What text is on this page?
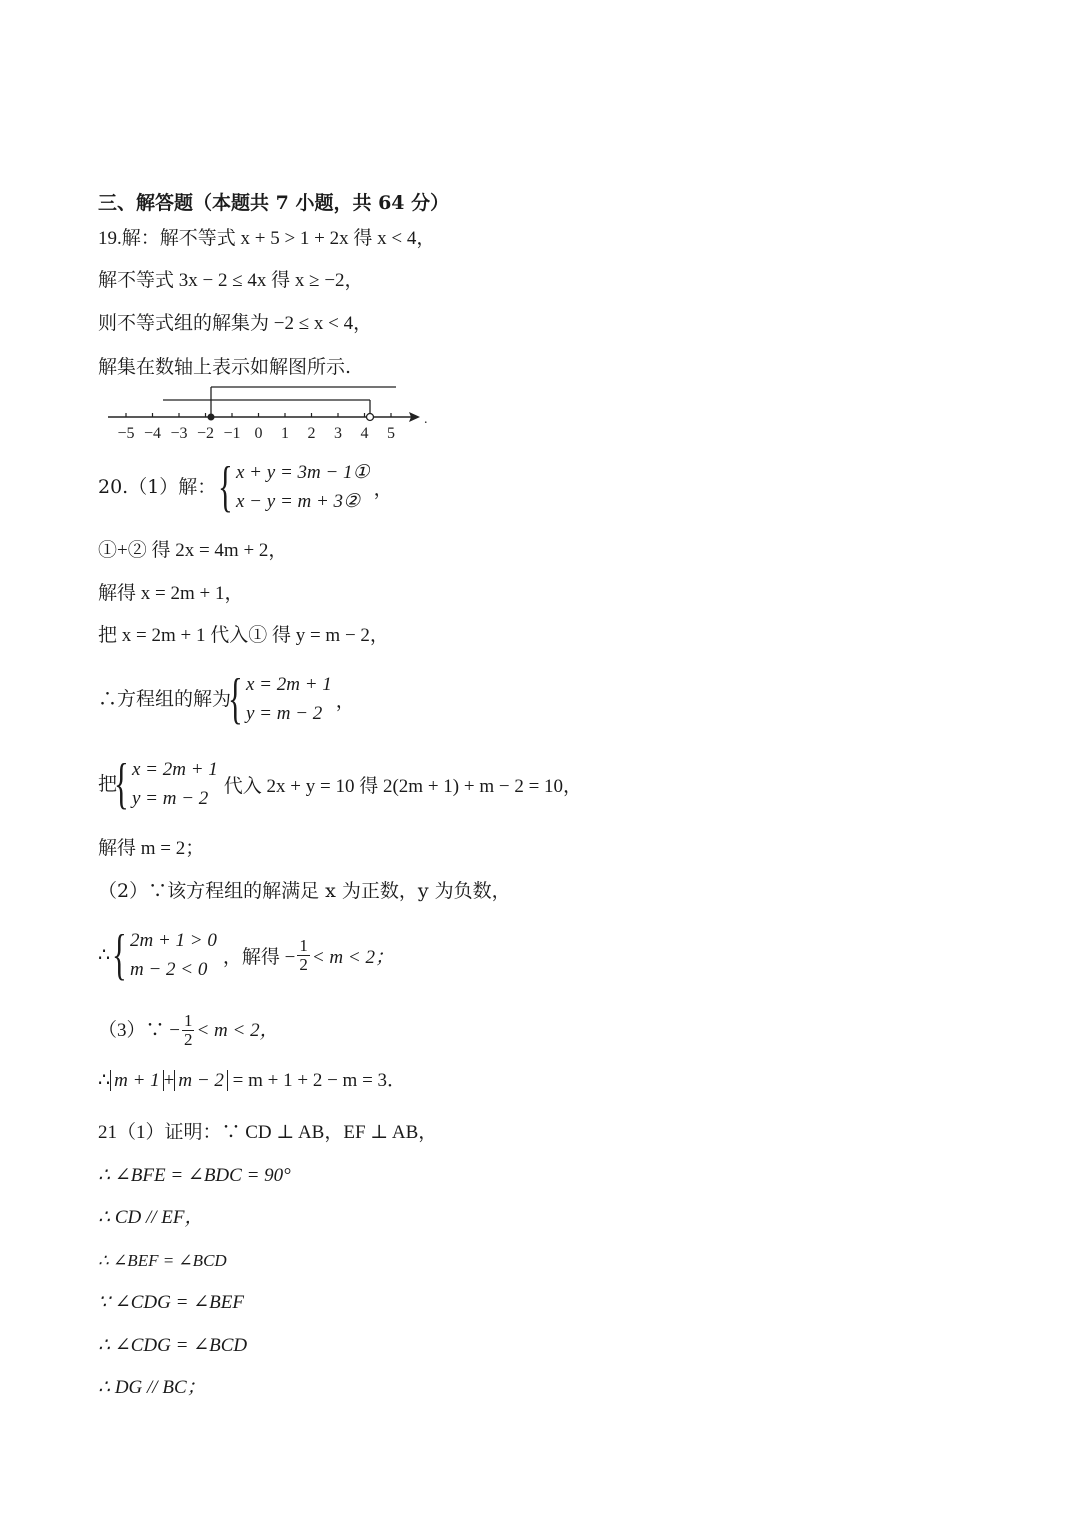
三、解答题（本题共 7 小题，共 64 分）
19.解：解不等式 x + 5 > 1 + 2x 得 x < 4，
解不等式 3x − 2 ≤ 4x 得 x ≥ −2，
则不等式组的解集为 −2 ≤ x < 4，
解集在数轴上表示如解图所示.
−5 −4 −3 −2 −1 0 1 2 3 4 5
.
20.（1）解： { x + y = 3m − 1①
x − y = m + 3②
，
①+② 得 2x = 4m + 2，
解得 x = 2m + 1，
把 x = 2m + 1 代入① 得 y = m − 2，
∴方程组的解为
{ x = 2m + 1
y = m − 2
，
把
{ x = 2m + 1
y = m − 2
代入 2x + y = 10 得 2(2m + 1) + m − 2 = 10，
解得 m = 2；
（2）∵该方程组的解满足 x 为正数，y 为负数，
∴ { 2m + 1 > 0
m − 2 < 0
，解得 − $\frac{1}{2} < m < 2$；
（3）∵ − $\frac{1}{2} < m < 2$，
∴ m + 1 + m − 2 = m + 1 + 2 − m = 3．
21（1）证明：∵ CD ⊥ AB，EF ⊥ AB，
∴ ∠BFE = ∠BDC = 90°
∴ CD // EF，
∴ ∠BEF = ∠BCD
∵ ∠CDG = ∠BEF
∴ ∠CDG = ∠BCD
∴ DG // BC；
